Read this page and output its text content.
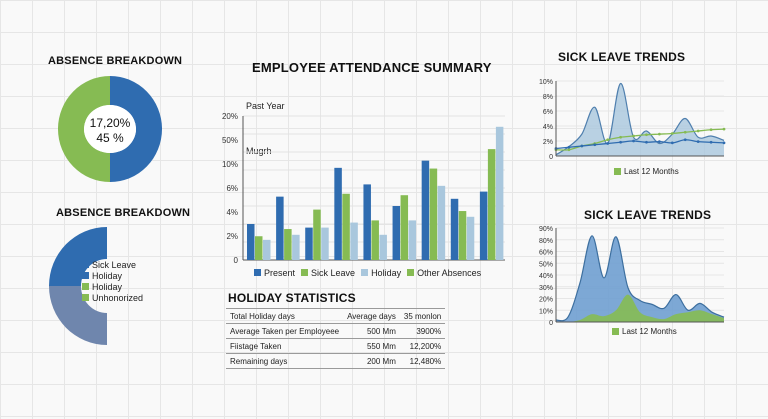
ABSENCE BREAKDOWN
17,20%
45 %
ABSENCE BREAKDOWN
Sick Leave
Holiday
Holiday
Unhonorized
EMPLOYEE ATTENDANCE SUMMARY
Past Year
Mugrh
20%
50%
10%
6%
4%
2%
0
Present Sick Leave Holiday Other Absences
HOLIDAY STATISTICS
Total Holiday days	Average days	35 monlon
Average Taken per Employeee	500 Mm	3900%
Fiistage Taken	550 Mm	12,200%
Remaining days	200 Mm	12,480%
SICK LEAVE TRENDS
10%
8%
6%
4%
2%
0
Last 12 Months
SICK LEAVE TRENDS
90%
80%
60%
50%
40%
30%
20%
10%
0
Last 12 Months
